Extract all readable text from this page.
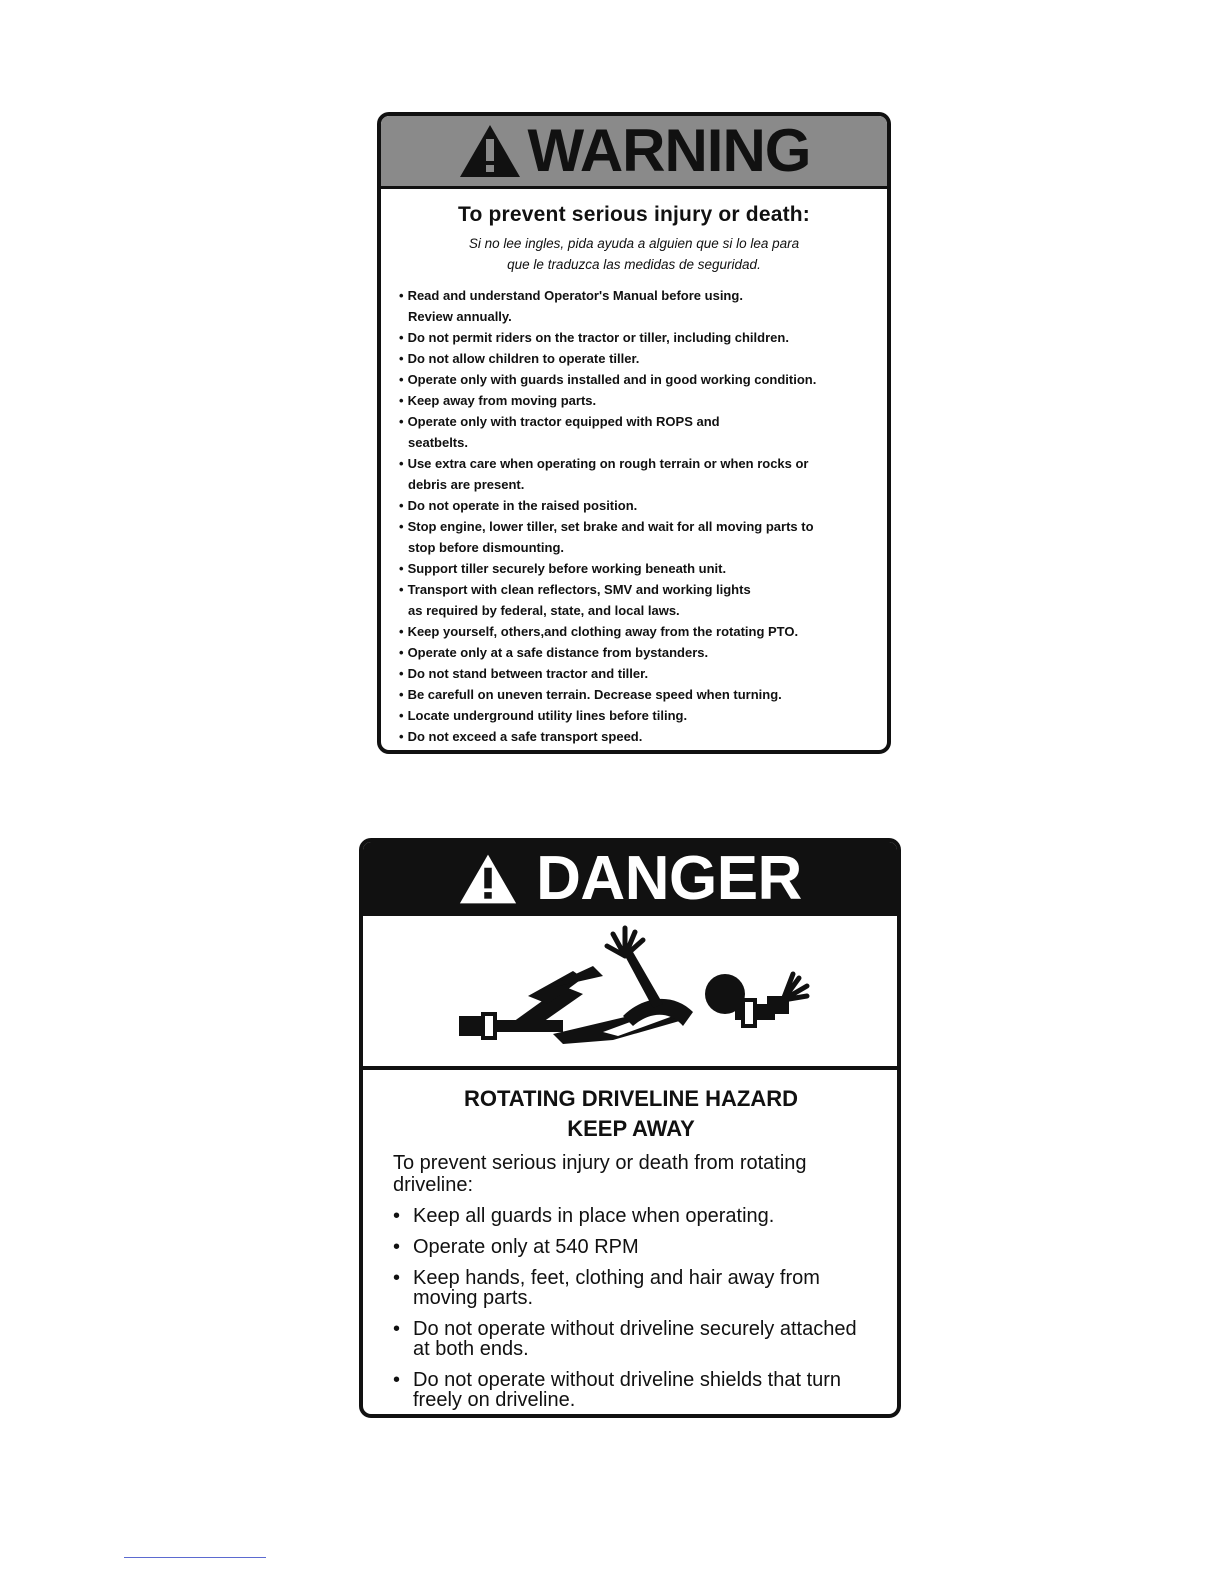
WARNING

To prevent serious injury or death:

Si no lee ingles, pida ayuda a alguien que si lo lea para
que le traduzca las medidas de seguridad.

• Read and understand Operator's Manual before using.
Review annually.
• Do not permit riders on the tractor or tiller, including children.
• Do not allow children to operate tiller.
• Operate only with guards installed and in good working condition.
• Keep away from moving parts.
• Operate only with tractor equipped with ROPS and
seatbelts.
• Use extra care when operating on rough terrain or when rocks or
debris are present.
• Do not operate in the raised position.
• Stop engine, lower tiller, set brake and wait for all moving parts to
stop before dismounting.
• Support tiller securely before working beneath unit.
• Transport with clean reflectors, SMV and working lights
as required by federal, state, and local laws.
• Keep yourself, others,and clothing away from the rotating PTO.
• Operate only at a safe distance from bystanders.
• Do not stand between tractor and tiller.
• Be carefull on uneven terrain. Decrease speed when turning.
• Locate underground utility lines before tiling.
• Do not exceed a safe transport speed.
DANGER

ROTATING DRIVELINE HAZARD
KEEP AWAY

To prevent serious injury or death from rotating driveline:

• Keep all guards in place when operating.
• Operate only at 540 RPM
• Keep hands, feet, clothing and hair away from moving parts.
• Do not operate without driveline securely attached at both ends.
• Do not operate without driveline shields that turn freely on driveline.
